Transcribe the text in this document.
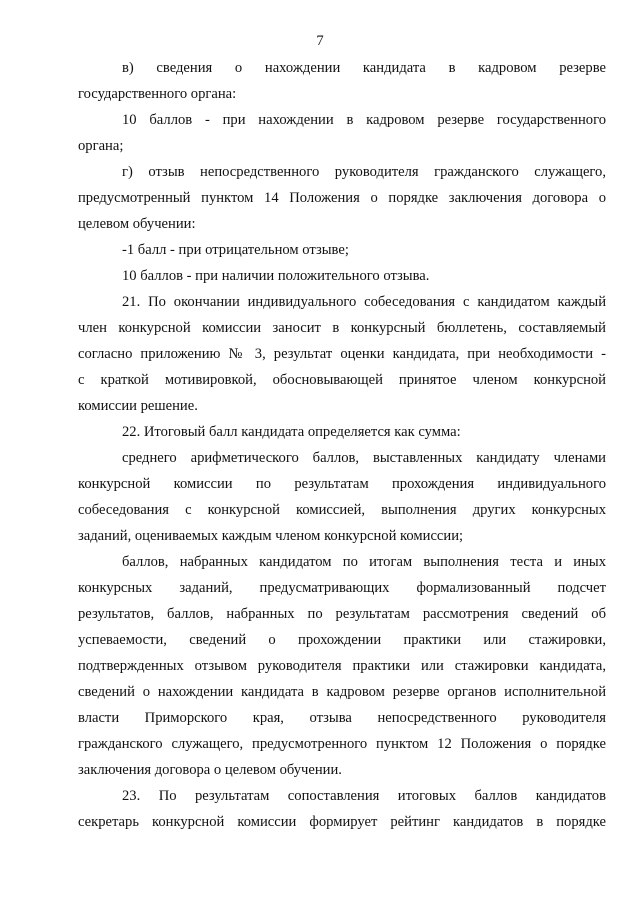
7
в) сведения о нахождении кандидата в кадровом резерве
государственного органа:
10 баллов - при нахождении в кадровом резерве государственного
органа;
г) отзыв непосредственного руководителя гражданского служащего,
предусмотренный пунктом 14 Положения о порядке заключения договора о
целевом обучении:
-1 балл - при отрицательном отзыве;
10 баллов - при наличии положительного отзыва.
21. По окончании индивидуального собеседования с кандидатом каждый
член конкурсной комиссии заносит в конкурсный бюллетень, составляемый
согласно приложению № 3, результат оценки кандидата, при необходимости -
с краткой мотивировкой, обосновывающей принятое членом конкурсной
комиссии решение.
22. Итоговый балл кандидата определяется как сумма:
среднего арифметического баллов, выставленных кандидату членами
конкурсной комиссии по результатам прохождения индивидуального
собеседования с конкурсной комиссией, выполнения других конкурсных
заданий, оцениваемых каждым членом конкурсной комиссии;
баллов, набранных кандидатом по итогам выполнения теста и иных
конкурсных заданий, предусматривающих формализованный подсчет
результатов, баллов, набранных по результатам рассмотрения сведений об
успеваемости, сведений о прохождении практики или стажировки,
подтвержденных отзывом руководителя практики или стажировки кандидата,
сведений о нахождении кандидата в кадровом резерве органов исполнительной
власти Приморского края, отзыва непосредственного руководителя
гражданского служащего, предусмотренного пунктом 12 Положения о порядке
заключения договора о целевом обучении.
23. По результатам сопоставления итоговых баллов кандидатов
секретарь конкурсной комиссии формирует рейтинг кандидатов в порядке
